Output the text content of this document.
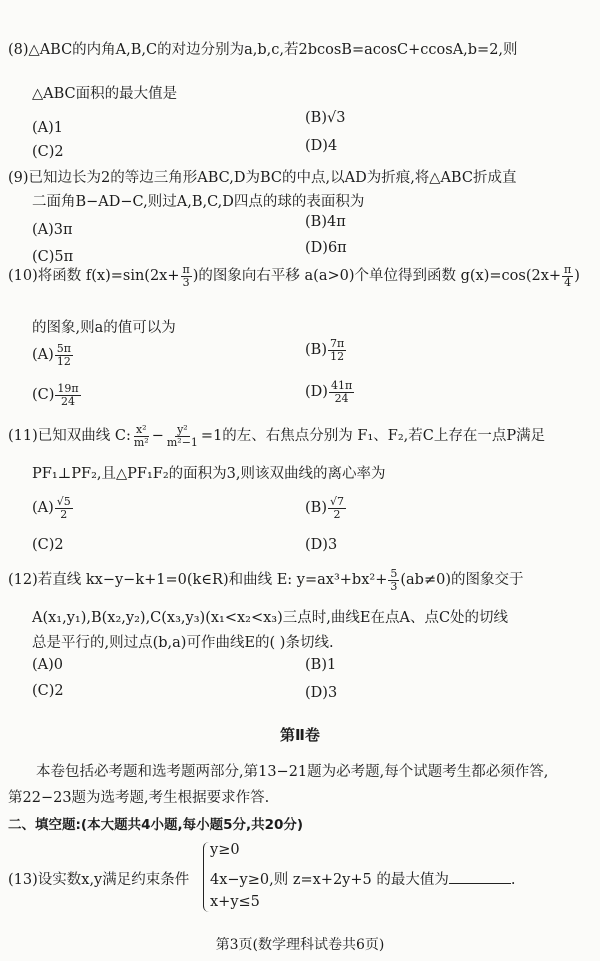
(8)△ABC的内角A,B,C的对边分别为a,b,c,若2bcosB=acosC+ccosA,b=2,则
△ABC面积的最大值是
(A)1
(B)√3
(C)2	(D)4
(9)已知边长为2的等边三角形ABC,D为BC的中点,以AD为折痕,将△ABC折成直
二面角B−AD−C,则过A,B,C,D四点的球的表面积为
(A)3π	(B)4π
(C)5π
(D)6π
(10)将函数 $f(x)=\sin(2x+ \frac{\pi}{3}$ )的图象向右平移 a(a>0)个单位得到函数 $g(x)=\cos(2x+ \frac{\pi}{4}$ )
的图象,则a的值可以为
$(A) \frac{5\pi}{12}$	$(B) \frac{7\pi}{12}$
$(C) \frac{19\pi}{24}$	$(D) \frac{41\pi}{24}$
(11)已知双曲线 C: $\frac{\text{x²}}{\text{m²}} - \frac{\text{y²}}{\text{m²−1}} =1$的左、右焦点分别为 F₁、F₂,若C上存在一点P满足
PF₁⊥PF₂,且△PF₁F₂的面积为3,则该双曲线的离心率为
$(A) \frac{√5}{2}$	$(B) \frac{√7}{2}$
(C)2	(D)3
(12)若直线 kx−y−k+1=0(k∈R)和曲线 E: $y=ax^3+bx^2+ \frac{5}{3} (ab\ne 0)$的图象交于
A(x₁,y₁),B(x₂,y₂),C(x₃,y₃)(x₁<x₂<x₃)三点时,曲线E在点A、点C处的切线
总是平行的,则过点(b,a)可作曲线E的( )条切线.
(A)0	(B)1
(C)2	(D)3
第Ⅱ卷
本卷包括必考题和选考题两部分,第13−21题为必考题,每个试题考生都必须作答,
第22−23题为选考题,考生根据要求作答.
二、填空题:(本大题共4小题,每小题5分,共20分)
(13)设实数x,y满足约束条件
y≥0
4x−y≥0,则 z=x+2y+5 的最大值为	.
x+y≤5
第3页(数学理科试卷共6页)
